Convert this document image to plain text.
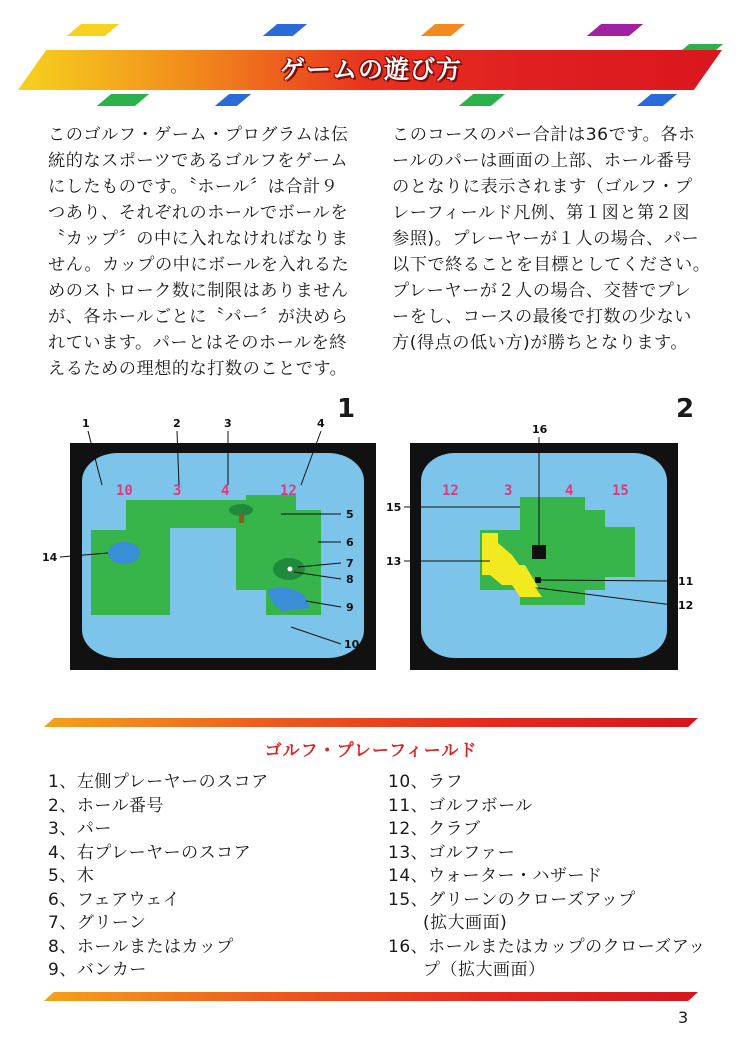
ゲームの遊び方
このゴルフ・ゲーム・プログラムは伝
統的なスポーツであるゴルフをゲーム
にしたものです。〝ホール〞は合計９
つあり、それぞれのホールでボールを
〝カップ〞の中に入れなければなりま
せん。カップの中にボールを入れるた
めのストローク数に制限はありません
が、各ホールごとに〝パー〞が決めら
れています。パーとはそのホールを終
えるための理想的な打数のことです。
このコースのパー合計は36です。各ホ
ールのパーは画面の上部、ホール番号
のとなりに表示されます（ゴルフ・プ
レーフィールド凡例、第１図と第２図
参照)。プレーヤーが１人の場合、パー
以下で終ることを目標としてください。
プレーヤーが２人の場合、交替でプレ
ーをし、コースの最後で打数の少ない
方(得点の低い方)が勝ちとなります。
1
10	3	4	12
1	2	3	4
5
6
7
8
9
10
14
2
12	3	4	15
16
15
13
11
12
ゴルフ・プレーフィールド
1、左側プレーヤーのスコア
2、ホール番号
3、パー
4、右プレーヤーのスコア
5、木
6、フェアウェイ
7、グリーン
8、ホールまたはカップ
9、バンカー
10、ラフ
11、ゴルフボール
12、クラブ
13、ゴルファー
14、ウォーター・ハザード
15、グリーンのクローズアップ
　　(拡大画面)
16、ホールまたはカップのクローズアッ
　　プ（拡大画面）
3
